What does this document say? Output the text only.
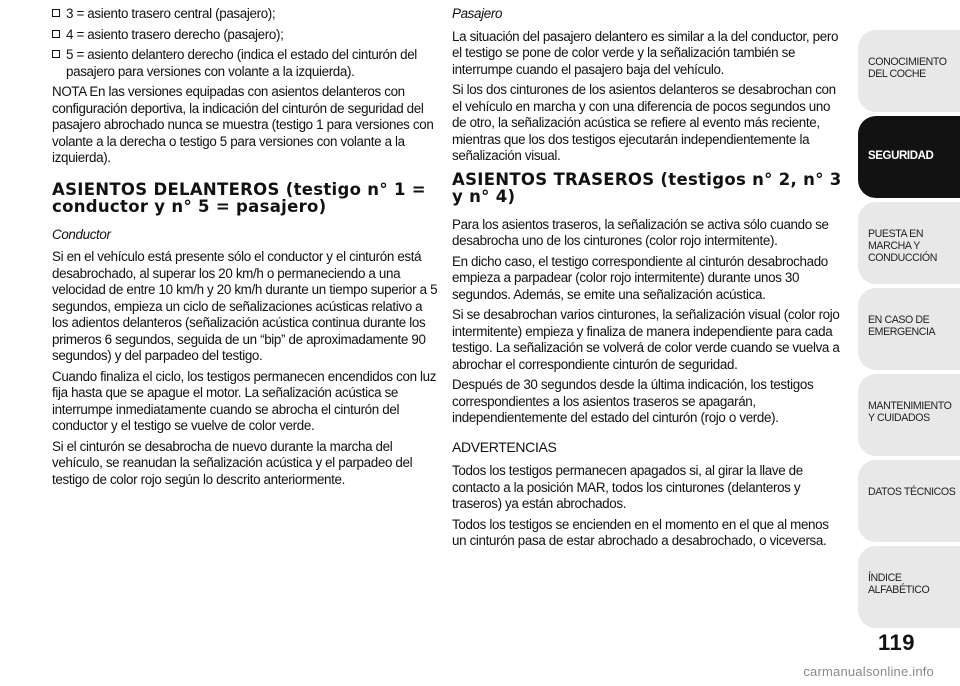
3 = asiento trasero central (pasajero);
4 = asiento trasero derecho (pasajero);
5 = asiento delantero derecho (indica el estado del cinturón del pasajero para versiones con volante a la izquierda).

NOTA En las versiones equipadas con asientos delanteros con configuración deportiva, la indicación del cinturón de seguridad del pasajero abrochado nunca se muestra (testigo 1 para versiones con volante a la derecha o testigo 5 para versiones con volante a la izquierda).

ASIENTOS DELANTEROS (testigo n° 1 = conductor y n° 5 = pasajero)

Conductor

Si en el vehículo está presente sólo el conductor y el cinturón está desabrochado, al superar los 20 km/h o permaneciendo a una velocidad de entre 10 km/h y 20 km/h durante un tiempo superior a 5 segundos, empieza un ciclo de señalizaciones acústicas relativo a los adientos delanteros (señalización acústica continua durante los primeros 6 segundos, seguida de un “bip” de aproximadamente 90 segundos) y del parpadeo del testigo.

Cuando finaliza el ciclo, los testigos permanecen encendidos con luz fija hasta que se apague el motor. La señalización acústica se interrumpe inmediatamente cuando se abrocha el cinturón del conductor y el testigo se vuelve de color verde.

Si el cinturón se desabrocha de nuevo durante la marcha del vehículo, se reanudan la señalización acústica y el parpadeo del testigo de color rojo según lo descrito anteriormente.

Pasajero

La situación del pasajero delantero es similar a la del conductor, pero el testigo se pone de color verde y la señalización también se interrumpe cuando el pasajero baja del vehículo.

Si los dos cinturones de los asientos delanteros se desabrochan con el vehículo en marcha y con una diferencia de pocos segundos uno de otro, la señalización acústica se refiere al evento más reciente, mientras que los dos testigos ejecutarán independientemente la señalización visual.

ASIENTOS TRASEROS (testigos n° 2, n° 3 y n° 4)

Para los asientos traseros, la señalización se activa sólo cuando se desabrocha uno de los cinturones (color rojo intermitente).

En dicho caso, el testigo correspondiente al cinturón desabrochado empieza a parpadear (color rojo intermitente) durante unos 30 segundos. Además, se emite una señalización acústica.

Si se desabrochan varios cinturones, la señalización visual (color rojo intermitente) empieza y finaliza de manera independiente para cada testigo. La señalización se volverá de color verde cuando se vuelva a abrochar el correspondiente cinturón de seguridad.

Después de 30 segundos desde la última indicación, los testigos correspondientes a los asientos traseros se apagarán, independientemente del estado del cinturón (rojo o verde).

ADVERTENCIAS

Todos los testigos permanecen apagados si, al girar la llave de contacto a la posición MAR, todos los cinturones (delanteros y traseros) ya están abrochados.

Todos los testigos se encienden en el momento en el que al menos un cinturón pasa de estar abrochado a desabrochado, o viceversa.

CONOCIMIENTO DEL COCHE
SEGURIDAD
PUESTA EN MARCHA Y CONDUCCIÓN
EN CASO DE EMERGENCIA
MANTENIMIENTO Y CUIDADOS
DATOS TÉCNICOS
ÍNDICE ALFABÉTICO
119
carmanualsonline.info
